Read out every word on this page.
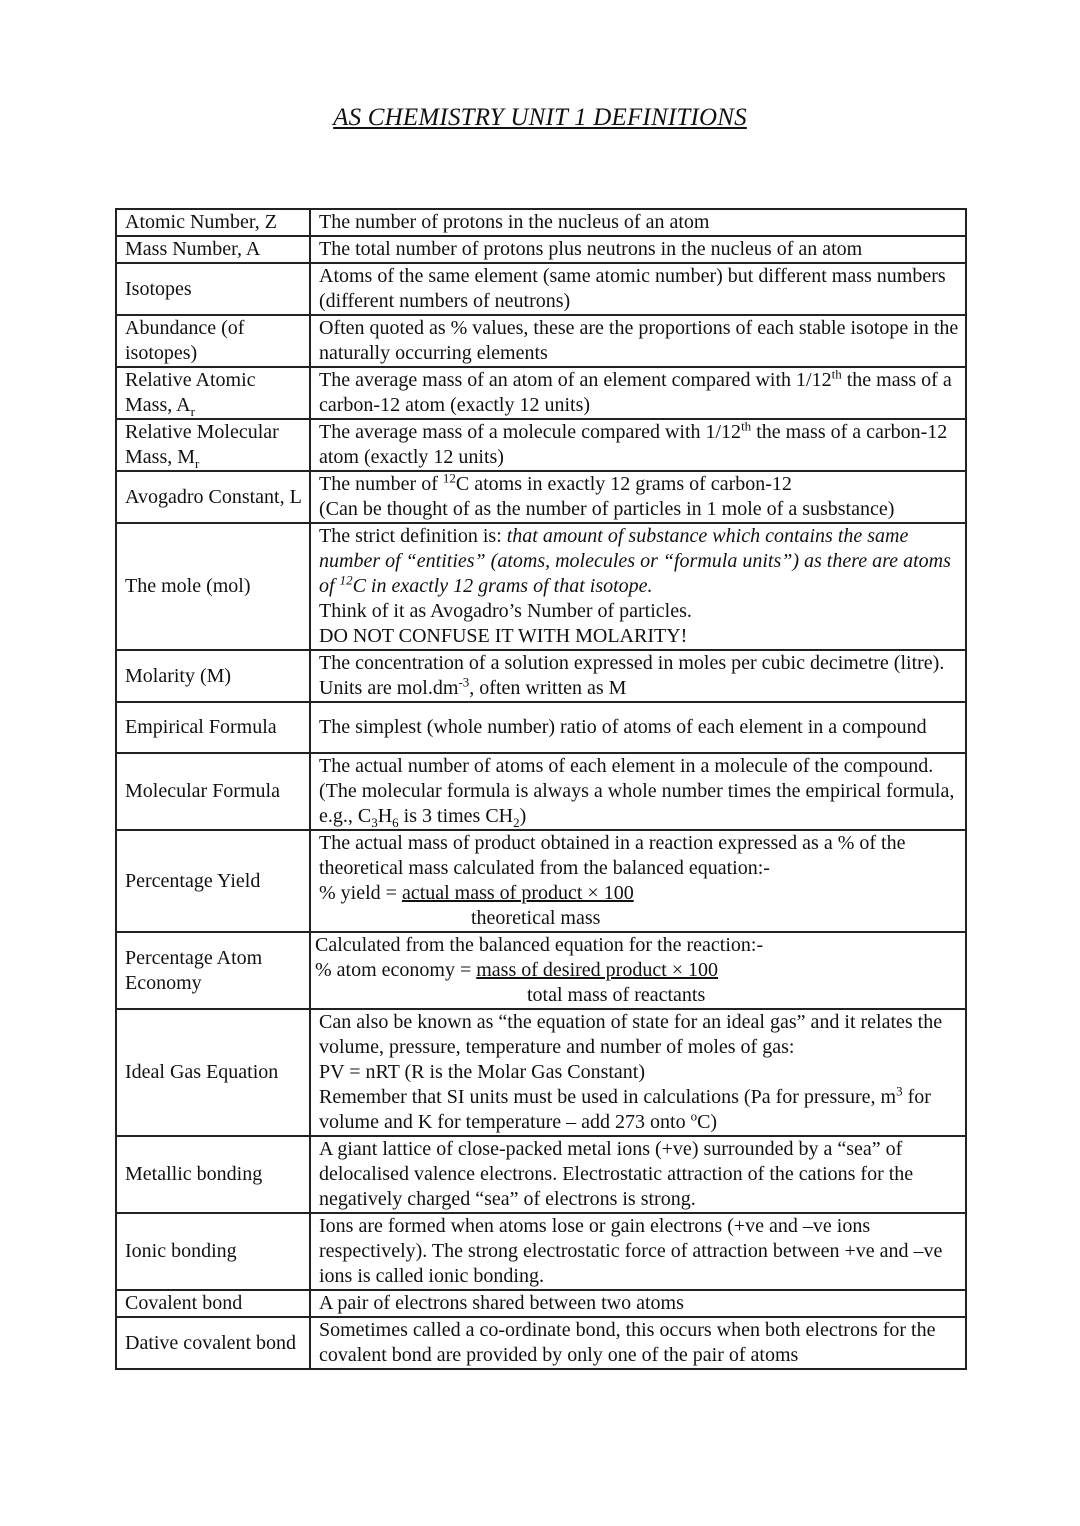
AS CHEMISTRY UNIT 1 DEFINITIONS
Atomic Number, Z	The number of protons in the nucleus of an atom
Mass Number, A	The total number of protons plus neutrons in the nucleus of an atom
Isotopes	Atoms of the same element (same atomic number) but different mass numbers (different numbers of neutrons)
Abundance (of isotopes)	Often quoted as % values, these are the proportions of each stable isotope in the naturally occurring elements
Relative Atomic Mass, $A_r$	The average mass of an atom of an element compared with 1/12th the mass of a carbon-12 atom (exactly 12 units)
Relative Molecular Mass, $M_r$	The average mass of a molecule compared with 1/12th the mass of a carbon-12 atom (exactly 12 units)
Avogadro Constant, L	The number of $^{12}$C atoms in exactly 12 grams of carbon-12
(Can be thought of as the number of particles in 1 mole of a susbstance)
The mole (mol)	The strict definition is: that amount of substance which contains the same number of “entities” (atoms, molecules or “formula units”) as there are atoms of $^{12}$C in exactly 12 grams of that isotope.
Think of it as Avogadro’s Number of particles.
DO NOT CONFUSE IT WITH MOLARITY!
Molarity (M)	The concentration of a solution expressed in moles per cubic decimetre (litre). Units are $mol.dm^{-3}$, often written as M
Empirical Formula	The simplest (whole number) ratio of atoms of each element in a compound
Molecular Formula	The actual number of atoms of each element in a molecule of the compound. (The molecular formula is always a whole number times the empirical formula, e.g., $C_3H_6$ is 3 times $CH_2$)
Percentage Yield	The actual mass of product obtained in a reaction expressed as a % of the theoretical mass calculated from the balanced equation:-
% yield = actual mass of product × 100
theoretical mass

Percentage Atom Economy	Calculated from the balanced equation for the reaction:-
% atom economy = mass of desired product × 100
total mass of reactants

Ideal Gas Equation	Can also be known as “the equation of state for an ideal gas” and it relates the volume, pressure, temperature and number of moles of gas:
PV = nRT (R is the Molar Gas Constant)
Remember that SI units must be used in calculations (Pa for pressure, $m^3$ for volume and K for temperature – add 273 onto $^o$C)
Metallic bonding	A giant lattice of close-packed metal ions (+ve) surrounded by a “sea” of delocalised valence electrons. Electrostatic attraction of the cations for the negatively charged “sea” of electrons is strong.
Ionic bonding	Ions are formed when atoms lose or gain electrons (+ve and –ve ions respectively). The strong electrostatic force of attraction between +ve and –ve ions is called ionic bonding.
Covalent bond	A pair of electrons shared between two atoms
Dative covalent bond	Sometimes called a co-ordinate bond, this occurs when both electrons for the covalent bond are provided by only one of the pair of atoms
